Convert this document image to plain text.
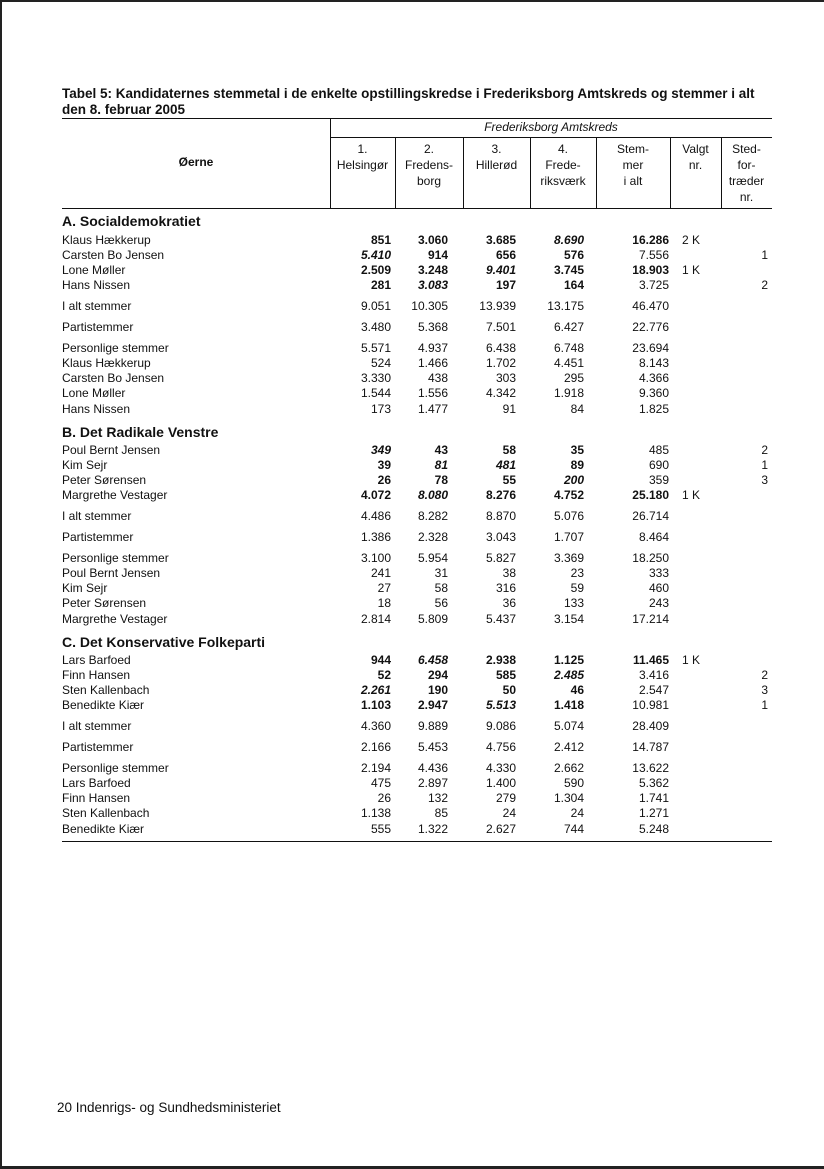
Tabel 5: Kandidaternes stemmetal i de enkelte opstillingskredse i Frederiksborg Amtskreds og stemmer i alt den 8. februar 2005
Frederiksborg Amtskreds
Øerne
1.
Helsingør
2.
Fredens-
borg
3.
Hillerød
4.
Frede-
riksværk
Stem-
mer
i alt
Valgt
nr.
Sted-
for-
træder
nr.
A. Socialdemokratiet
Klaus Hækkerup	851 3.060	3.685	8.690	16.286 2 K
Carsten Bo Jensen	5.410	914	656	576	7.556	1
Lone Møller	2.509 3.248	9.401	3.745	18.903 1 K
Hans Nissen	281 3.083	197	164	3.725	2
I alt stemmer	9.051 10.305	13.939	13.175	46.470
Partistemmer	3.480 5.368	7.501	6.427	22.776
Personlige stemmer	5.571 4.937	6.438	6.748	23.694
Klaus Hækkerup	524 1.466	1.702	4.451	8.143
Carsten Bo Jensen	3.330	438	303	295	4.366
Lone Møller	1.544 1.556	4.342	1.918	9.360
Hans Nissen	173 1.477	91	84	1.825
B. Det Radikale Venstre
Poul Bernt Jensen	349	43	58	35	485	2
Kim Sejr	39	81	481	89	690	1
Peter Sørensen	26	78	55	200	359	3
Margrethe Vestager	4.072 8.080	8.276	4.752	25.180 1 K
I alt stemmer	4.486 8.282	8.870	5.076	26.714
Partistemmer	1.386 2.328	3.043	1.707	8.464
Personlige stemmer	3.100 5.954	5.827	3.369	18.250
Poul Bernt Jensen	241	31	38	23	333
Kim Sejr	27	58	316	59	460
Peter Sørensen	18	56	36	133	243
Margrethe Vestager	2.814 5.809	5.437	3.154	17.214
C. Det Konservative Folkeparti
Lars Barfoed	944 6.458	2.938	1.125	11.465 1 K
Finn Hansen	52	294	585	2.485	3.416	2
Sten Kallenbach	2.261	190	50	46	2.547	3
Benedikte Kiær	1.103 2.947	5.513	1.418	10.981	1
I alt stemmer	4.360 9.889	9.086	5.074	28.409
Partistemmer	2.166 5.453	4.756	2.412	14.787
Personlige stemmer	2.194 4.436	4.330	2.662	13.622
Lars Barfoed	475 2.897	1.400	590	5.362
Finn Hansen	26	132	279	1.304	1.741
Sten Kallenbach	1.138	85	24	24	1.271
Benedikte Kiær	555 1.322	2.627	744	5.248
20 Indenrigs- og Sundhedsministeriet
